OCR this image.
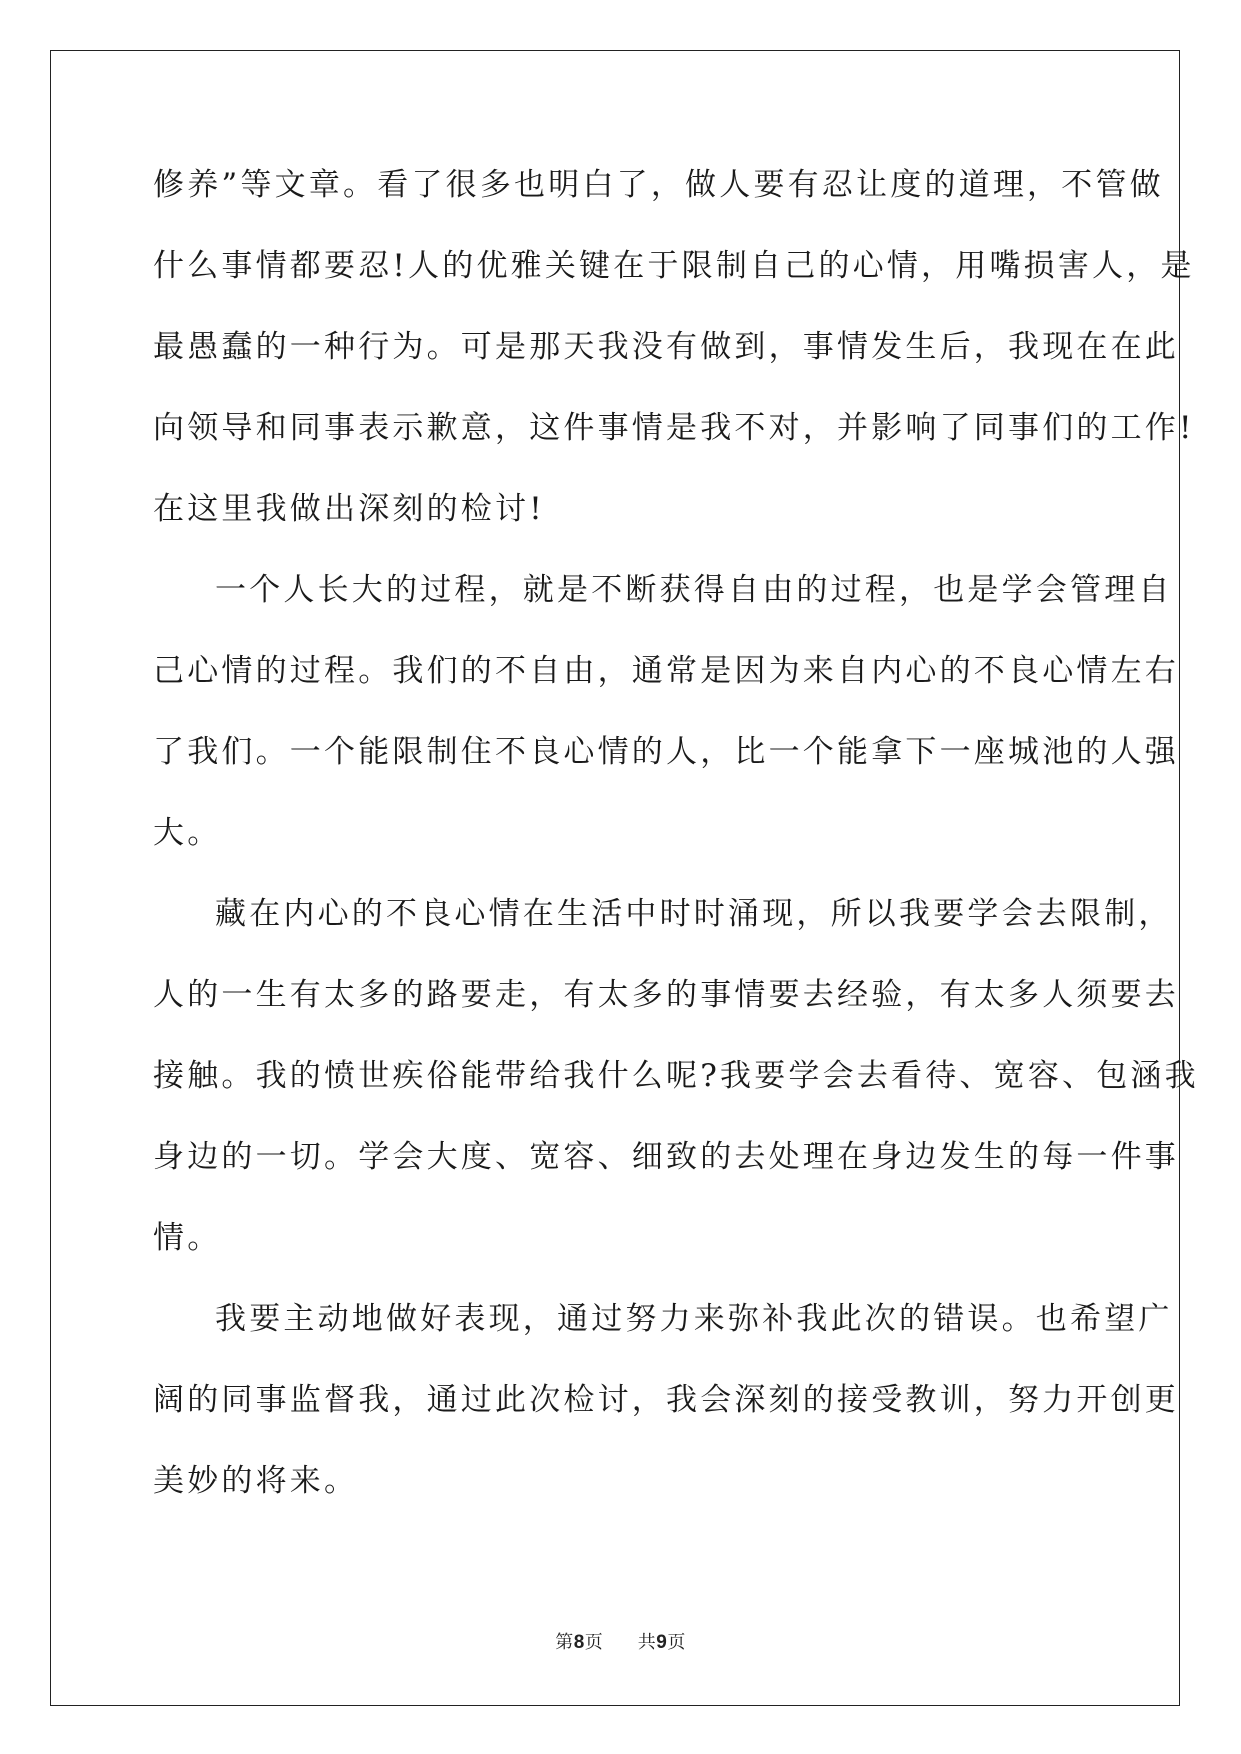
修养”等文章。看了很多也明白了，做人要有忍让度的道理，不管做
什么事情都要忍!人的优雅关键在于限制自己的心情，用嘴损害人，是
最愚蠢的一种行为。可是那天我没有做到，事情发生后，我现在在此
向领导和同事表示歉意，这件事情是我不对，并影响了同事们的工作!
在这里我做出深刻的检讨!
一个人长大的过程，就是不断获得自由的过程，也是学会管理自
己心情的过程。我们的不自由，通常是因为来自内心的不良心情左右
了我们。一个能限制住不良心情的人，比一个能拿下一座城池的人强
大。
藏在内心的不良心情在生活中时时涌现，所以我要学会去限制，
人的一生有太多的路要走，有太多的事情要去经验，有太多人须要去
接触。我的愤世疾俗能带给我什么呢?我要学会去看待、宽容、包涵我
身边的一切。学会大度、宽容、细致的去处理在身边发生的每一件事
情。
我要主动地做好表现，通过努力来弥补我此次的错误。也希望广
阔的同事监督我，通过此次检讨，我会深刻的接受教训，努力开创更
美妙的将来。
第8页 共9页
